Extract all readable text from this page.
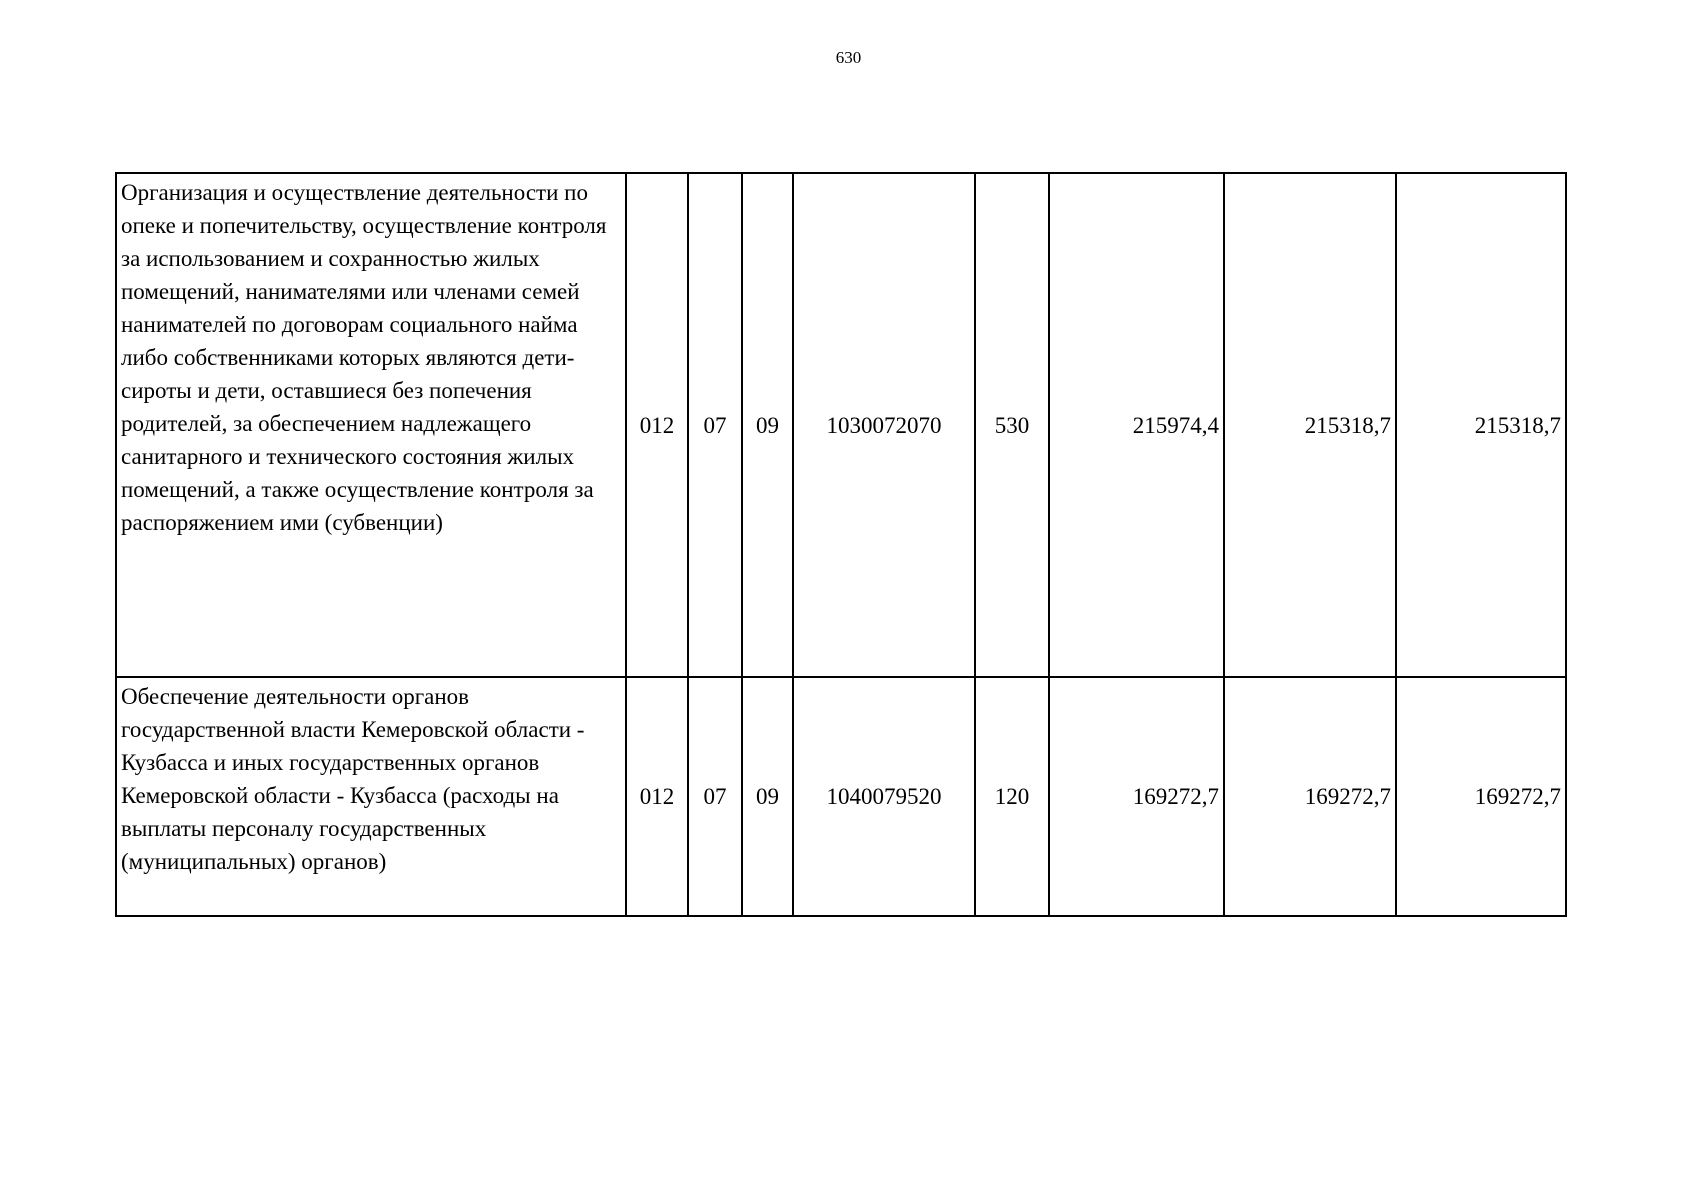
630
Организация и осуществление деятельности по опеке и попечительству, осуществление контроля за использованием и сохранностью жилых помещений, нанимателями или членами семей нанимателей по договорам социального найма либо собственниками которых являются дети-сироты и дети, оставшиеся без попечения родителей, за обеспечением надлежащего санитарного и технического состояния жилых помещений, а также осуществление контроля за распоряжением ими (субвенции)	012	07	09	1030072070	530	215974,4	215318,7	215318,7
Обеспечение деятельности органов государственной власти Кемеровской области - Кузбасса и иных государственных органов Кемеровской области - Кузбасса (расходы на выплаты персоналу государственных (муниципальных) органов)	012	07	09	1040079520	120	169272,7	169272,7	169272,7
